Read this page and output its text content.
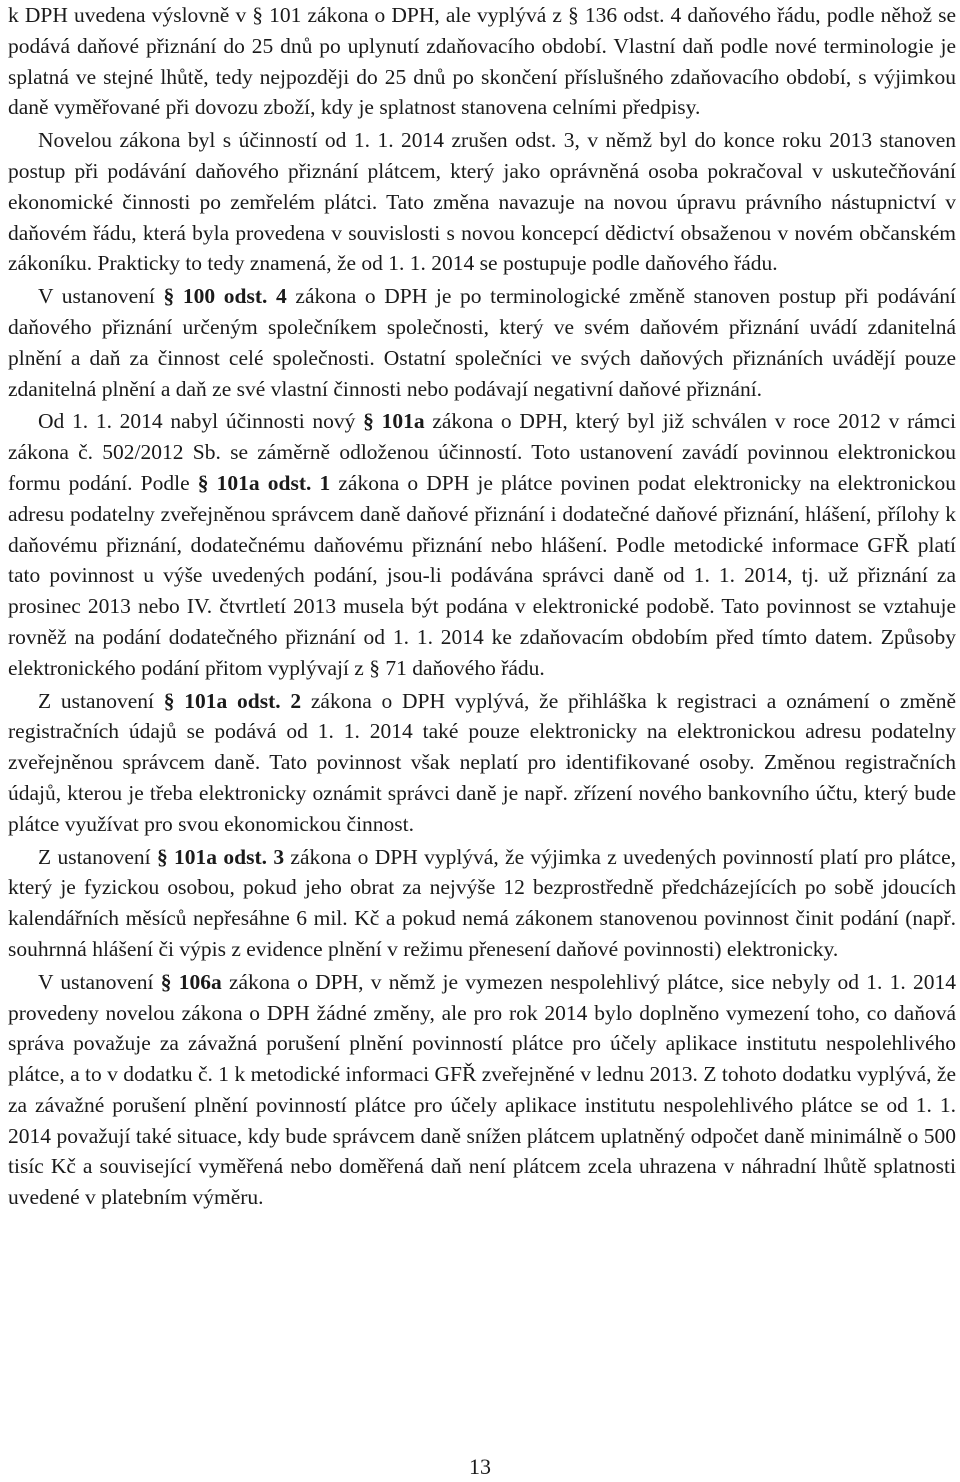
k DPH uvedena výslovně v § 101 zákona o DPH, ale vyplývá z § 136 odst. 4 daňového řádu, podle něhož se podává daňové přiznání do 25 dnů po uplynutí zdaňovacího období. Vlastní daň podle nové terminologie je splatná ve stejné lhůtě, tedy nejpozději do 25 dnů po skončení příslušného zdaňovacího období, s výjimkou daně vyměřované při dovozu zboží, kdy je splatnost stanovena celními předpisy.

Novelou zákona byl s účinností od 1. 1. 2014 zrušen odst. 3, v němž byl do konce roku 2013 stanoven postup při podávání daňového přiznání plátcem, který jako oprávněná osoba pokračoval v uskutečňování ekonomické činnosti po zemřelém plátci. Tato změna navazuje na novou úpravu právního nástupnictví v daňovém řádu, která byla provedena v souvislosti s novou koncepcí dědictví obsaženou v novém občanském zákoníku. Prakticky to tedy znamená, že od 1. 1. 2014 se postupuje podle daňového řádu.

V ustanovení § 100 odst. 4 zákona o DPH je po terminologické změně stanoven postup při podávání daňového přiznání určeným společníkem společnosti, který ve svém daňovém přiznání uvádí zdanitelná plnění a daň za činnost celé společnosti. Ostatní společníci ve svých daňových přiznáních uvádějí pouze zdanitelná plnění a daň ze své vlastní činnosti nebo podávají negativní daňové přiznání.

Od 1. 1. 2014 nabyl účinnosti nový § 101a zákona o DPH, který byl již schválen v roce 2012 v rámci zákona č. 502/2012 Sb. se záměrně odloženou účinností. Toto ustanovení zavádí povinnou elektronickou formu podání. Podle § 101a odst. 1 zákona o DPH je plátce povinen podat elektronicky na elektronickou adresu podatelny zveřejněnou správcem daně daňové přiznání i dodatečné daňové přiznání, hlášení, přílohy k daňovému přiznání, dodatečnému daňovému přiznání nebo hlášení. Podle metodické informace GFŘ platí tato povinnost u výše uvedených podání, jsou-li podávána správci daně od 1. 1. 2014, tj. už přiznání za prosinec 2013 nebo IV. čtvrtletí 2013 musela být podána v elektronické podobě. Tato povinnost se vztahuje rovněž na podání dodatečného přiznání od 1. 1. 2014 ke zdaňovacím obdobím před tímto datem. Způsoby elektronického podání přitom vyplývají z § 71 daňového řádu.

Z ustanovení § 101a odst. 2 zákona o DPH vyplývá, že přihláška k registraci a oznámení o změně registračních údajů se podává od 1. 1. 2014 také pouze elektronicky na elektronickou adresu podatelny zveřejněnou správcem daně. Tato povinnost však neplatí pro identifikované osoby. Změnou registračních údajů, kterou je třeba elektronicky oznámit správci daně je např. zřízení nového bankovního účtu, který bude plátce využívat pro svou ekonomickou činnost.

Z ustanovení § 101a odst. 3 zákona o DPH vyplývá, že výjimka z uvedených povinností platí pro plátce, který je fyzickou osobou, pokud jeho obrat za nejvýše 12 bezprostředně předcházejících po sobě jdoucích kalendářních měsíců nepřesáhne 6 mil. Kč a pokud nemá zákonem stanovenou povinnost činit podání (např. souhrnná hlášení či výpis z evidence plnění v režimu přenesení daňové povinnosti) elektronicky.

V ustanovení § 106a zákona o DPH, v němž je vymezen nespolehlivý plátce, sice nebyly od 1. 1. 2014 provedeny novelou zákona o DPH žádné změny, ale pro rok 2014 bylo doplněno vymezení toho, co daňová správa považuje za závažná porušení plnění povinností plátce pro účely aplikace institutu nespolehlivého plátce, a to v dodatku č. 1 k metodické informaci GFŘ zveřejněné v lednu 2013. Z tohoto dodatku vyplývá, že za závažné porušení plnění povinností plátce pro účely aplikace institutu nespolehlivého plátce se od 1. 1. 2014 považují také situace, kdy bude správcem daně snížen plátcem uplatněný odpočet daně minimálně o 500 tisíc Kč a související vyměřená nebo doměřená daň není plátcem zcela uhrazena v náhradní lhůtě splatnosti uvedené v platebním výměru.

13
